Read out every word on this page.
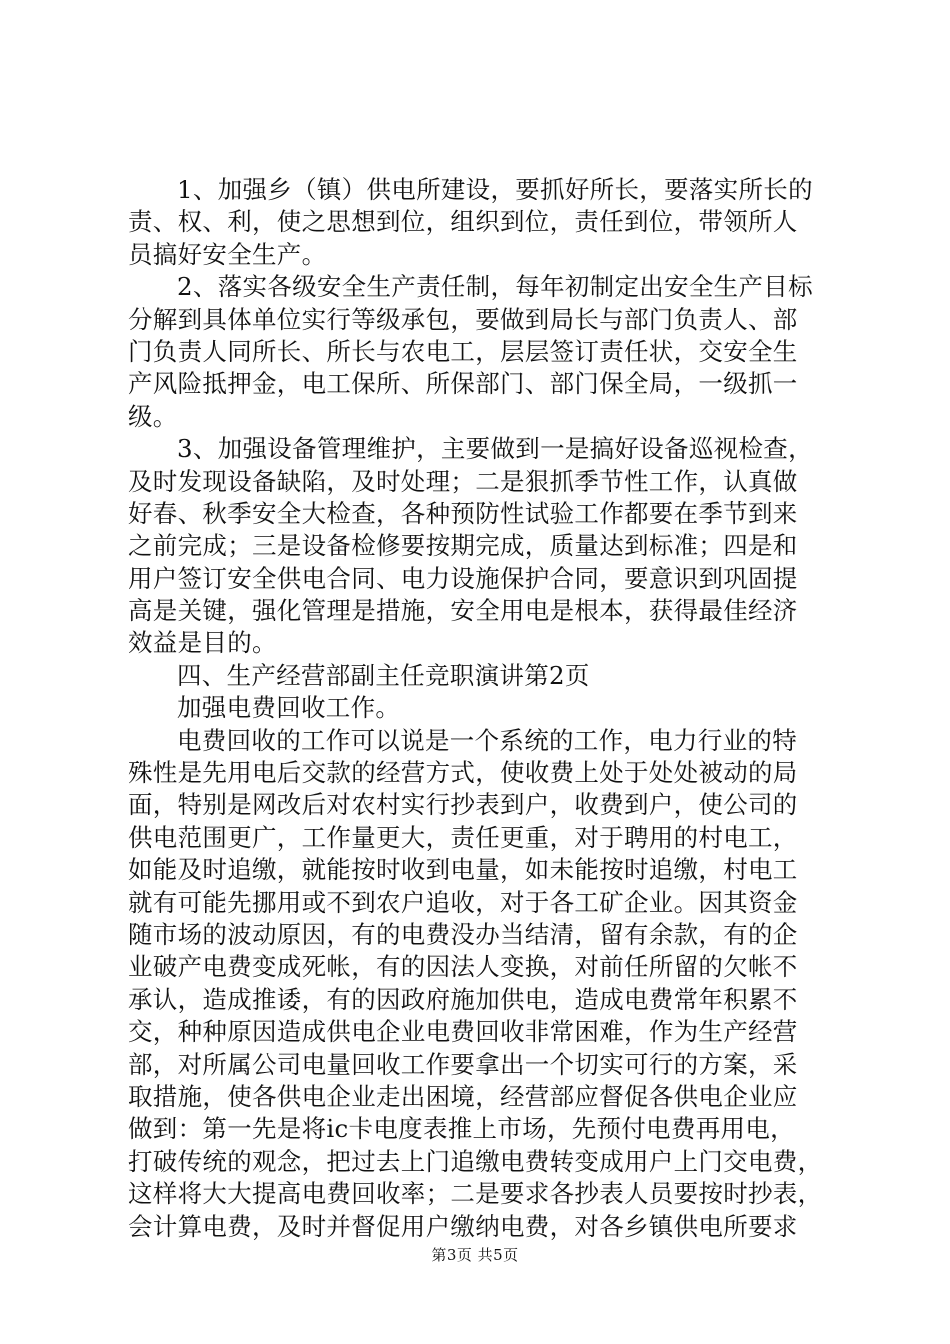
1、加强乡（镇）供电所建设，要抓好所长，要落实所长的
责、权、利，使之思想到位，组织到位，责任到位，带领所人
员搞好安全生产。
2、落实各级安全生产责任制，每年初制定出安全生产目标
分解到具体单位实行等级承包，要做到局长与部门负责人、部
门负责人同所长、所长与农电工，层层签订责任状，交安全生
产风险抵押金，电工保所、所保部门、部门保全局，一级抓一
级。
3、加强设备管理维护，主要做到一是搞好设备巡视检查，
及时发现设备缺陷，及时处理；二是狠抓季节性工作，认真做
好春、秋季安全大检查，各种预防性试验工作都要在季节到来
之前完成；三是设备检修要按期完成，质量达到标准；四是和
用户签订安全供电合同、电力设施保护合同，要意识到巩固提
高是关键，强化管理是措施，安全用电是根本，获得最佳经济
效益是目的。
四、生产经营部副主任竞职演讲第2页
加强电费回收工作。
电费回收的工作可以说是一个系统的工作，电力行业的特
殊性是先用电后交款的经营方式，使收费上处于处处被动的局
面，特别是网改后对农村实行抄表到户，收费到户，使公司的
供电范围更广，工作量更大，责任更重，对于聘用的村电工，
如能及时追缴，就能按时收到电量，如未能按时追缴，村电工
就有可能先挪用或不到农户追收，对于各工矿企业。因其资金
随市场的波动原因，有的电费没办当结清，留有余款，有的企
业破产电费变成死帐，有的因法人变换，对前任所留的欠帐不
承认，造成推诿，有的因政府施加供电，造成电费常年积累不
交，种种原因造成供电企业电费回收非常困难，作为生产经营
部，对所属公司电量回收工作要拿出一个切实可行的方案，采
取措施，使各供电企业走出困境，经营部应督促各供电企业应
做到：第一先是将ic卡电度表推上市场，先预付电费再用电，
打破传统的观念，把过去上门追缴电费转变成用户上门交电费，
这样将大大提高电费回收率；二是要求各抄表人员要按时抄表，
会计算电费，及时并督促用户缴纳电费，对各乡镇供电所要求
第3页 共5页
